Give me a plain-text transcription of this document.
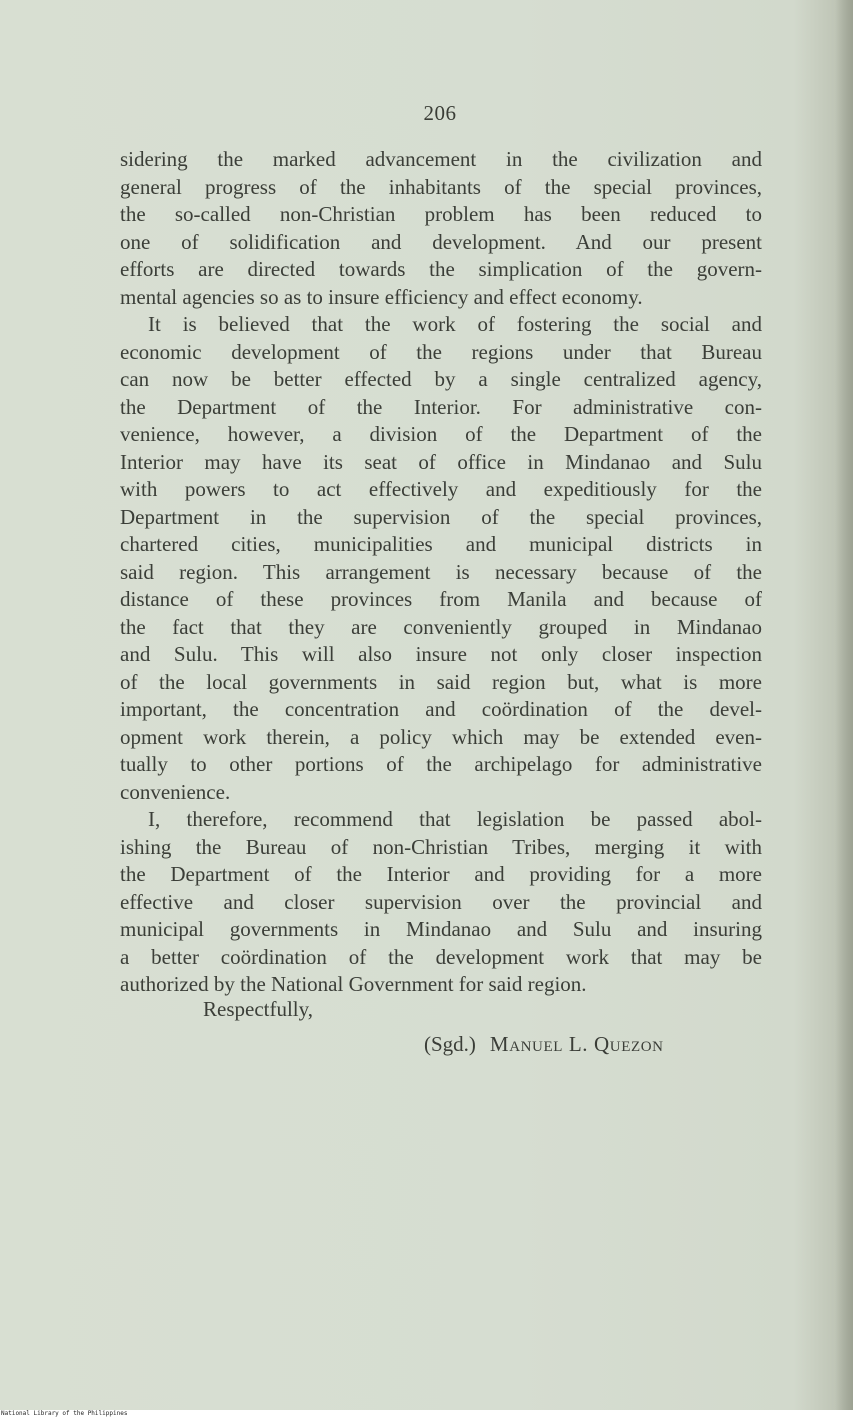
206
sidering the marked advancement in the civilization and
general progress of the inhabitants of the special provinces,
the so-called non-Christian problem has been reduced to
one of solidification and development. And our present
efforts are directed towards the simplication of the govern-
mental agencies so as to insure efficiency and effect economy.
It is believed that the work of fostering the social and
economic development of the regions under that Bureau
can now be better effected by a single centralized agency,
the Department of the Interior. For administrative con-
venience, however, a division of the Department of the
Interior may have its seat of office in Mindanao and Sulu
with powers to act effectively and expeditiously for the
Department in the supervision of the special provinces,
chartered cities, municipalities and municipal districts in
said region. This arrangement is necessary because of the
distance of these provinces from Manila and because of
the fact that they are conveniently grouped in Mindanao
and Sulu. This will also insure not only closer inspection
of the local governments in said region but, what is more
important, the concentration and coördination of the devel-
opment work therein, a policy which may be extended even-
tually to other portions of the archipelago for administrative
convenience.
I, therefore, recommend that legislation be passed abol-
ishing the Bureau of non-Christian Tribes, merging it with
the Department of the Interior and providing for a more
effective and closer supervision over the provincial and
municipal governments in Mindanao and Sulu and insuring
a better coördination of the development work that may be
authorized by the National Government for said region.
Respectfully,
(Sgd.) Manuel L. Quezon
National Library of the Philippines
